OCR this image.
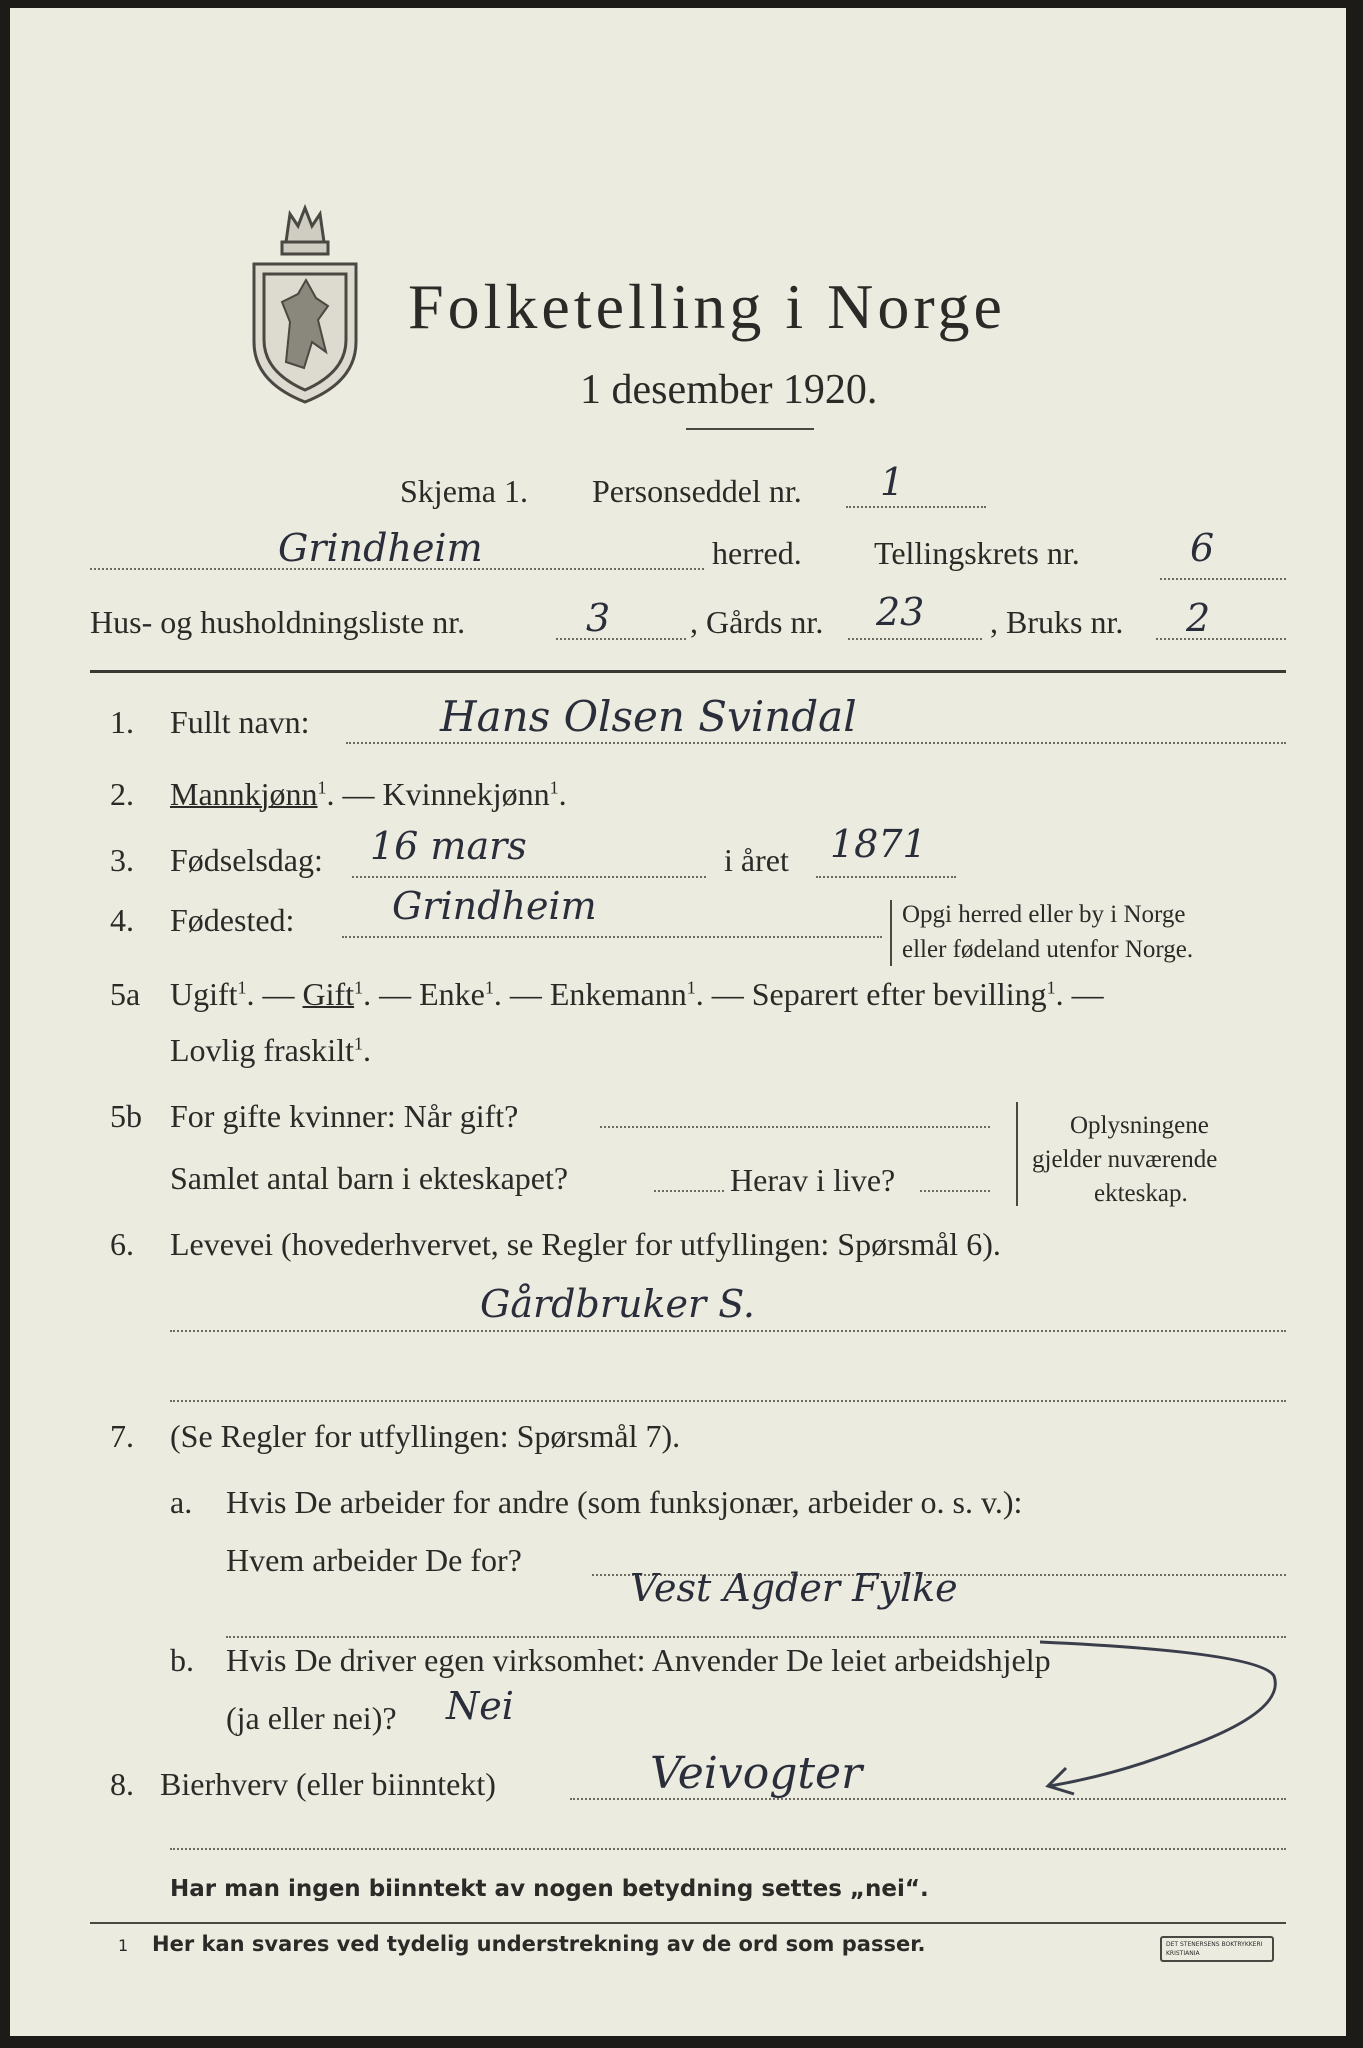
Folketelling i Norge
1 desember 1920.
Skjema 1. Personseddel nr. 1
Grindheim	herred. Tellingskrets nr.	6
Hus- og husholdningsliste nr.	3 , Gårds nr. 23 , Bruks nr. 2
1. Fullt navn:	Hans Olsen Svindal
2. Mannkjønn$^1$. — Kvinnekjønn$^1$.
3. Fødselsdag: 16 mars	i året 1871
4. Fødested:	Grindheim	Opgi herred eller by i Norge
eller fødeland utenfor Norge.
5a Ugift$^1$. — Gift$^1$. — Enke$^1$. — Enkemann$^1$. — Separert efter bevilling$^1$. —
Lovlig fraskilt$^1$.
5b For gifte kvinner: Når gift?
Samlet antal barn i ekteskapet?	Herav i live?
Oplysningene
gjelder nuværende
ekteskap.
6. Levevei (hovederhvervet, se Regler for utfyllingen: Spørsmål 6).
Gårdbruker S.
7. (Se Regler for utfyllingen: Spørsmål 7).
a. Hvis De arbeider for andre (som funksjonær, arbeider o. s. v.):
Hvem arbeider De for?
Vest Agder Fylke
b. Hvis De driver egen virksomhet: Anvender De leiet arbeidshjelp
(ja eller nei)? Nei
8. Bierhverv (eller biinntekt)	Veivogter
Har man ingen biinntekt av nogen betydning settes „nei“.
1 Her kan svares ved tydelig understrekning av de ord som passer.	DET STENERSENS BOKTRYKKERI KRISTIANIA
